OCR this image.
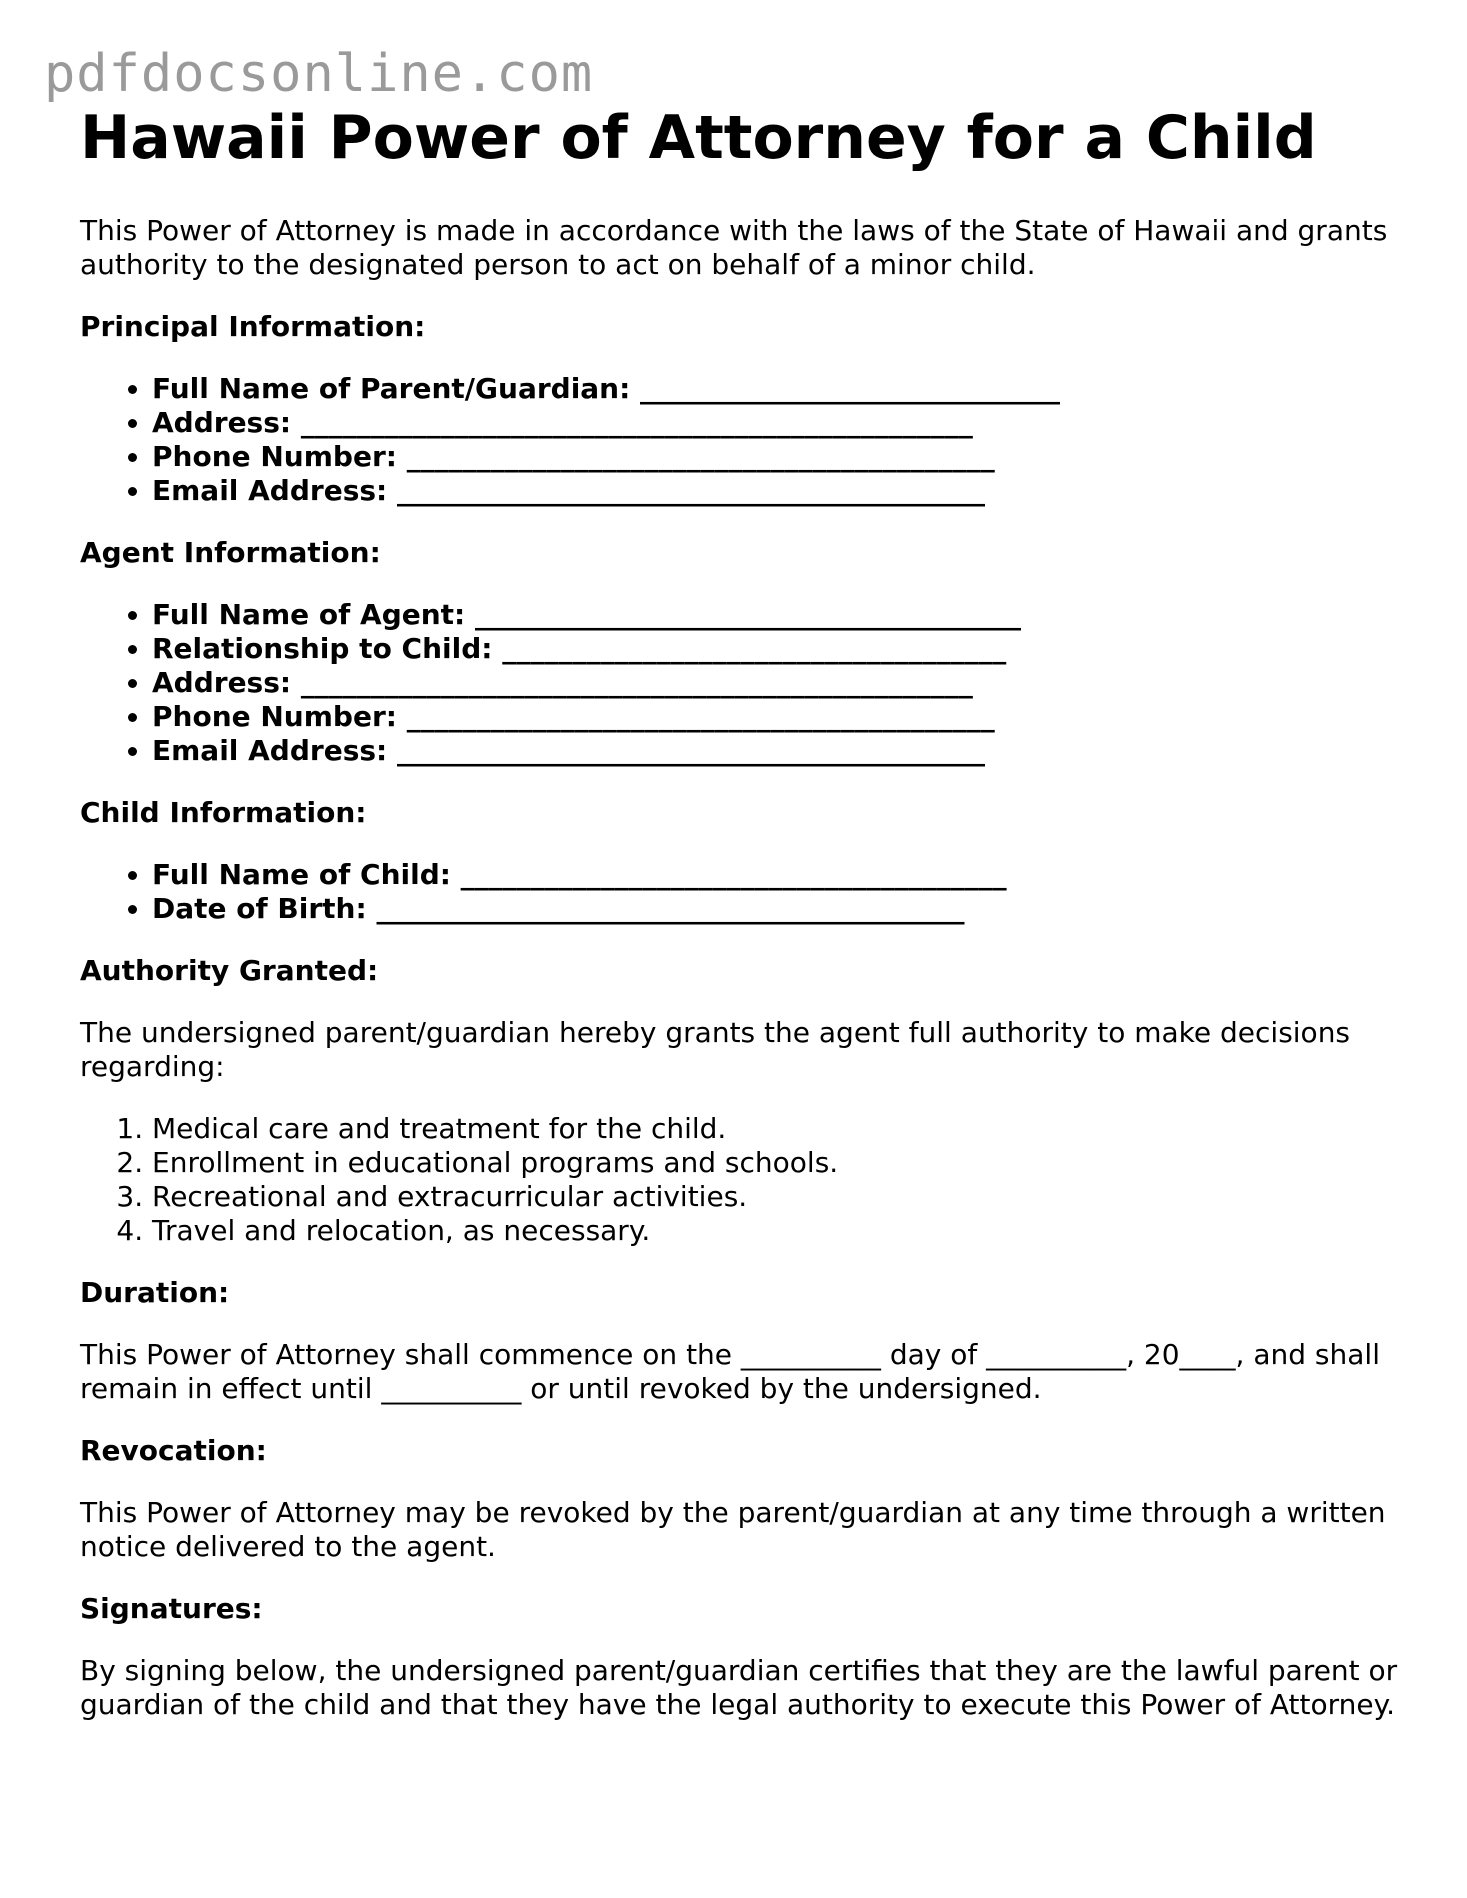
pdfdocsonline.com
Hawaii Power of Attorney for a Child

This Power of Attorney is made in accordance with the laws of the State of Hawaii and grants authority to the designated person to act on behalf of a minor child.

Principal Information:
• Full Name of Parent/Guardian: ______________________________
• Address: ________________________________________________
• Phone Number: __________________________________________
• Email Address: __________________________________________
Agent Information:
• Full Name of Agent: _______________________________________
• Relationship to Child: ____________________________________
• Address: ________________________________________________
• Phone Number: __________________________________________
• Email Address: __________________________________________
Child Information:
• Full Name of Child: _______________________________________
• Date of Birth: __________________________________________
Authority Granted:

The undersigned parent/guardian hereby grants the agent full authority to make decisions regarding:

1. Medical care and treatment for the child.
2. Enrollment in educational programs and schools.
3. Recreational and extracurricular activities.
4. Travel and relocation, as necessary.
Duration:

This Power of Attorney shall commence on the __________ day of __________, 20____, and shall remain in effect until __________ or until revoked by the undersigned.

Revocation:

This Power of Attorney may be revoked by the parent/guardian at any time through a written notice delivered to the agent.

Signatures:

By signing below, the undersigned parent/guardian certifies that they are the lawful parent or guardian of the child and that they have the legal authority to execute this Power of Attorney.
